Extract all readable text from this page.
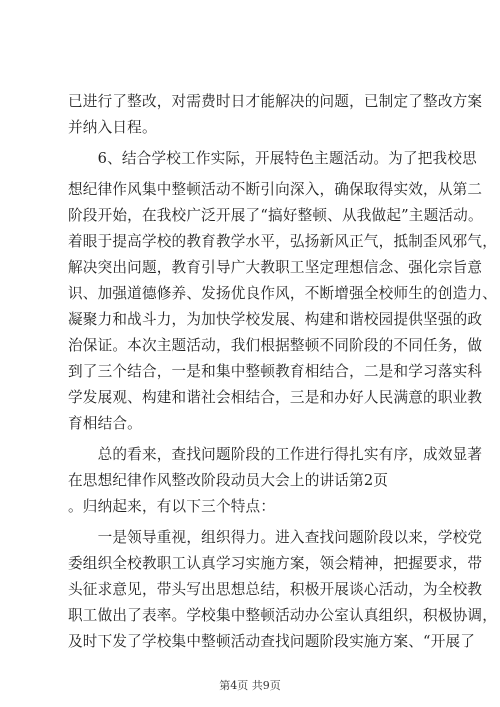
已进行了整改，对需费时日才能解决的问题，已制定了整改方案
并纳入日程。
　　6、结合学校工作实际，开展特色主题活动。为了把我校思
想纪律作风集中整顿活动不断引向深入，确保取得实效，从第二
阶段开始，在我校广泛开展了“搞好整顿、从我做起”主题活动。
着眼于提高学校的教育教学水平，弘扬新风正气，抵制歪风邪气，
解决突出问题，教育引导广大教职工坚定理想信念、强化宗旨意
识、加强道德修养、发扬优良作风，不断增强全校师生的创造力、
凝聚力和战斗力，为加快学校发展、构建和谐校园提供坚强的政
治保证。本次主题活动，我们根据整顿不同阶段的不同任务，做
到了三个结合，一是和集中整顿教育相结合，二是和学习落实科
学发展观、构建和谐社会相结合，三是和办好人民满意的职业教
育相结合。
　　总的看来，查找问题阶段的工作进行得扎实有序，成效显著
在思想纪律作风整改阶段动员大会上的讲话第2页
。归纳起来，有以下三个特点：
　　一是领导重视，组织得力。进入查找问题阶段以来，学校党
委组织全校教职工认真学习实施方案，领会精神，把握要求，带
头征求意见，带头写出思想总结，积极开展谈心活动，为全校教
职工做出了表率。学校集中整顿活动办公室认真组织，积极协调，
及时下发了学校集中整顿活动查找问题阶段实施方案、“开展了
第4页 共9页
